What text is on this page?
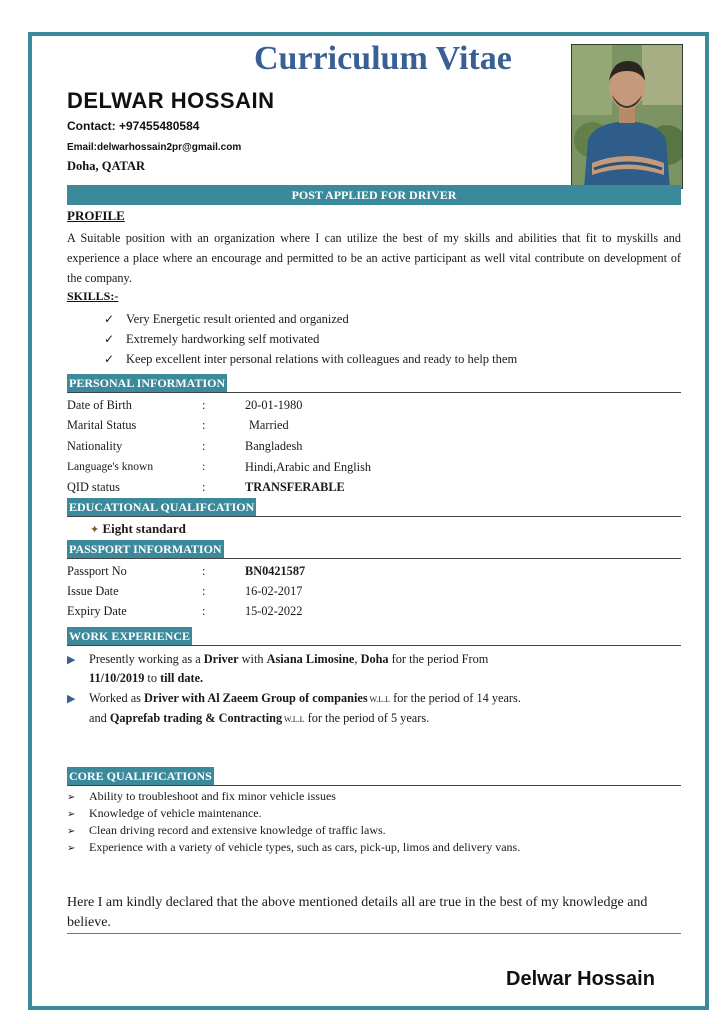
Curriculum Vitae
DELWAR HOSSAIN
Contact: +97455480584
Email:delwarhossain2pr@gmail.com
Doha, QATAR
POST APPLIED FOR DRIVER
PROFILE
A Suitable position with an organization where I can utilize the best of my skills and abilities that fit to myskills and experience a place where an encourage and permitted to be an active participant as well vital contribute on development of the company.
SKILLS:-
✓ Very Energetic result oriented and organized
✓ Extremely hardworking self motivated
✓ Keep excellent inter personal relations with colleagues and ready to help them
PERSONAL INFORMATION
Date of Birth	:	20-01-1980
Marital Status	:	Married
Nationality	:	Bangladesh
Language's known	:	Hindi,Arabic and English
QID status	:	TRANSFERABLE
EDUCATIONAL QUALIFCATION
✦ Eight standard
PASSPORT INFORMATION
Passport No	:	BN0421587
Issue Date	:	16-02-2017
Expiry Date	:	15-02-2022
WORK EXPERIENCE
▶ Presently working as a Driver with Asiana Limosine, Doha for the period From
11/10/2019 to till date.
▶ Worked as Driver with Al Zaeem Group of companies W.L.L for the period of 14 years.
and Qaprefab trading & Contracting W.L.L for the period of 5 years.
CORE QUALIFICATIONS
➢ Ability to troubleshoot and fix minor vehicle issues
➢ Knowledge of vehicle maintenance.
➢ Clean driving record and extensive knowledge of traffic laws.
➢ Experience with a variety of vehicle types, such as cars, pick-up, limos and delivery vans.
Here I am kindly declared that the above mentioned details all are true in the best of my knowledge and believe.
Delwar Hossain
